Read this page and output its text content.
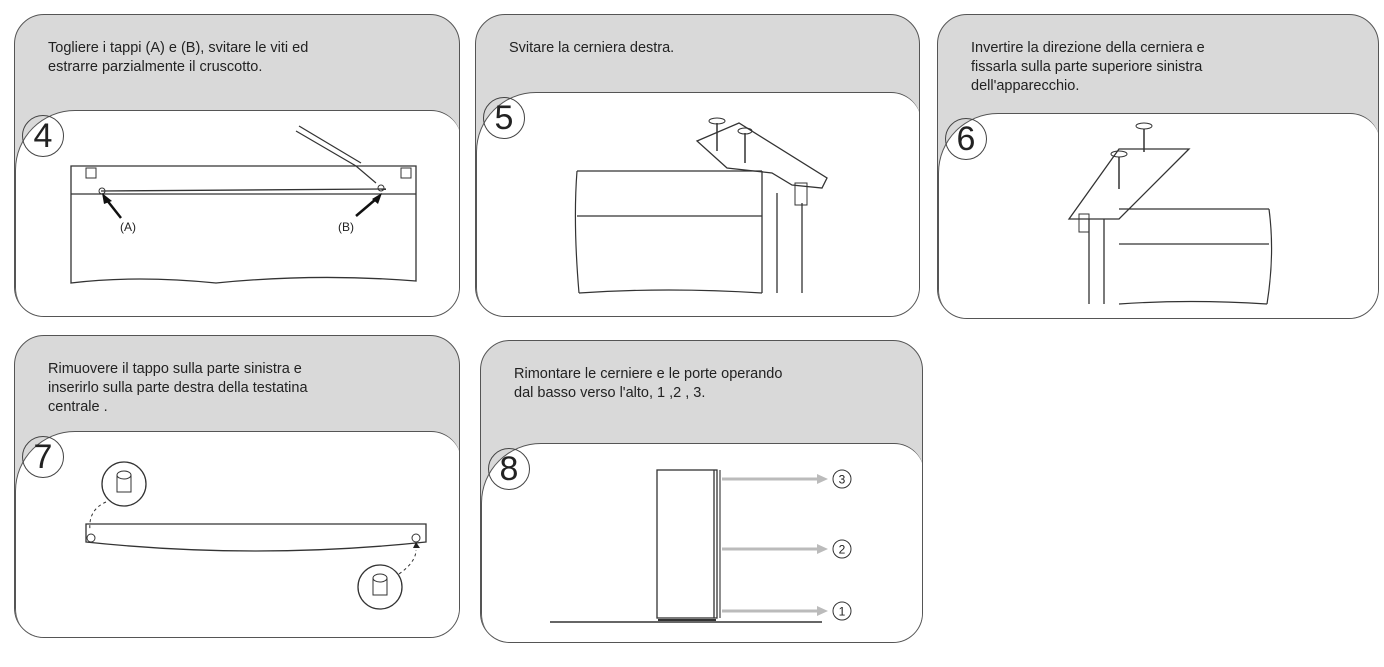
Togliere i tappi (A) e (B), svitare le viti ed
estrarre parzialmente il cruscotto.
4
(A)	(B)
Svitare la cerniera destra.
5
Invertire la direzione della cerniera e
fissarla sulla parte superiore sinistra
dell'apparecchio.
6
Rimuovere il tappo sulla parte sinistra e
inserirlo sulla parte destra della testatina
centrale .
7
Rimontare le cerniere e le porte operando
dal basso verso l'alto, 1 ,2 , 3.
8	3
2
1
